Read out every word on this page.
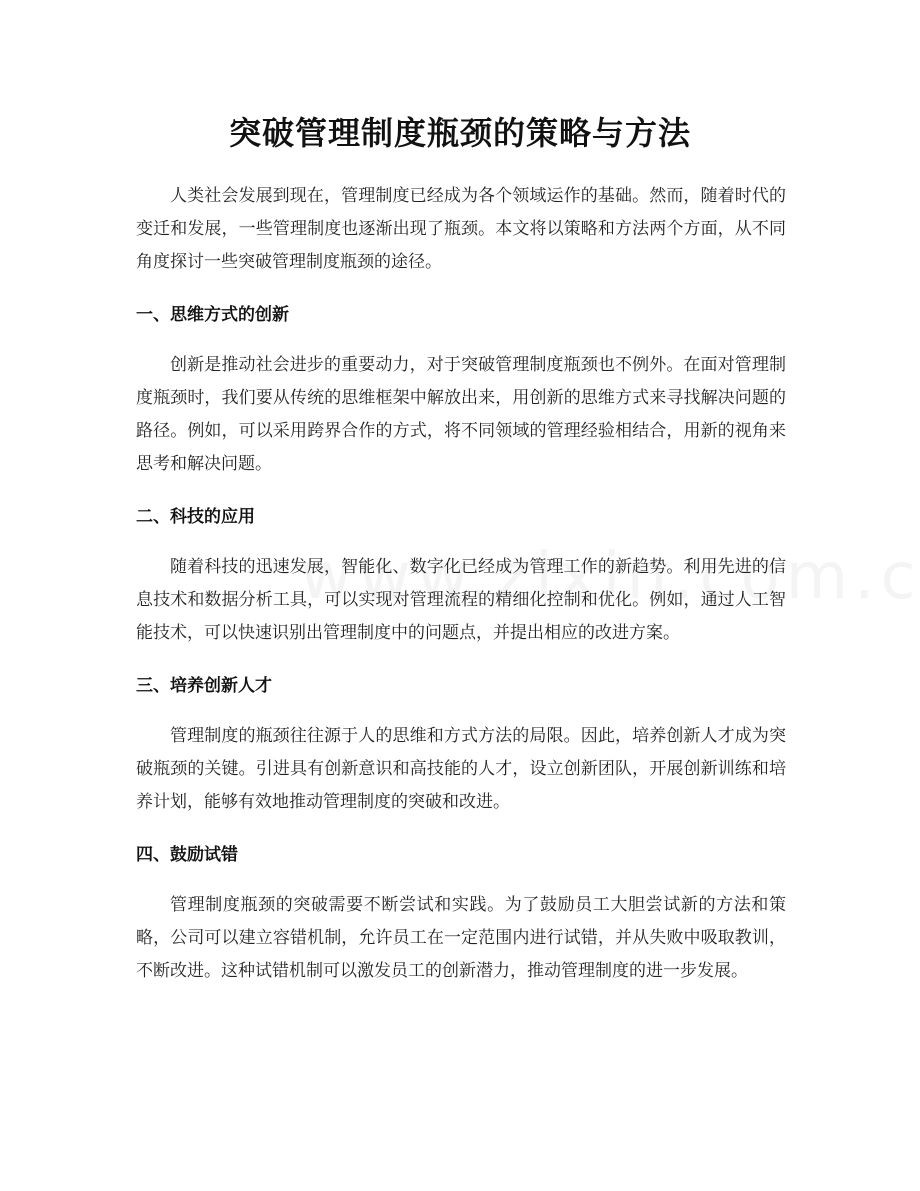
突破管理制度瓶颈的策略与方法

人类社会发展到现在，管理制度已经成为各个领域运作的基础。然而，随着时代的变迁和发展，一些管理制度也逐渐出现了瓶颈。本文将以策略和方法两个方面，从不同角度探讨一些突破管理制度瓶颈的途径。

一、思维方式的创新

创新是推动社会进步的重要动力，对于突破管理制度瓶颈也不例外。在面对管理制度瓶颈时，我们要从传统的思维框架中解放出来，用创新的思维方式来寻找解决问题的路径。例如，可以采用跨界合作的方式，将不同领域的管理经验相结合，用新的视角来思考和解决问题。

二、科技的应用

随着科技的迅速发展，智能化、数字化已经成为管理工作的新趋势。利用先进的信息技术和数据分析工具，可以实现对管理流程的精细化控制和优化。例如，通过人工智能技术，可以快速识别出管理制度中的问题点，并提出相应的改进方案。

三、培养创新人才

管理制度的瓶颈往往源于人的思维和方式方法的局限。因此，培养创新人才成为突破瓶颈的关键。引进具有创新意识和高技能的人才，设立创新团队，开展创新训练和培养计划，能够有效地推动管理制度的突破和改进。

四、鼓励试错

管理制度瓶颈的突破需要不断尝试和实践。为了鼓励员工大胆尝试新的方法和策略，公司可以建立容错机制，允许员工在一定范围内进行试错，并从失败中吸取教训，不断改进。这种试错机制可以激发员工的创新潜力，推动管理制度的进一步发展。
